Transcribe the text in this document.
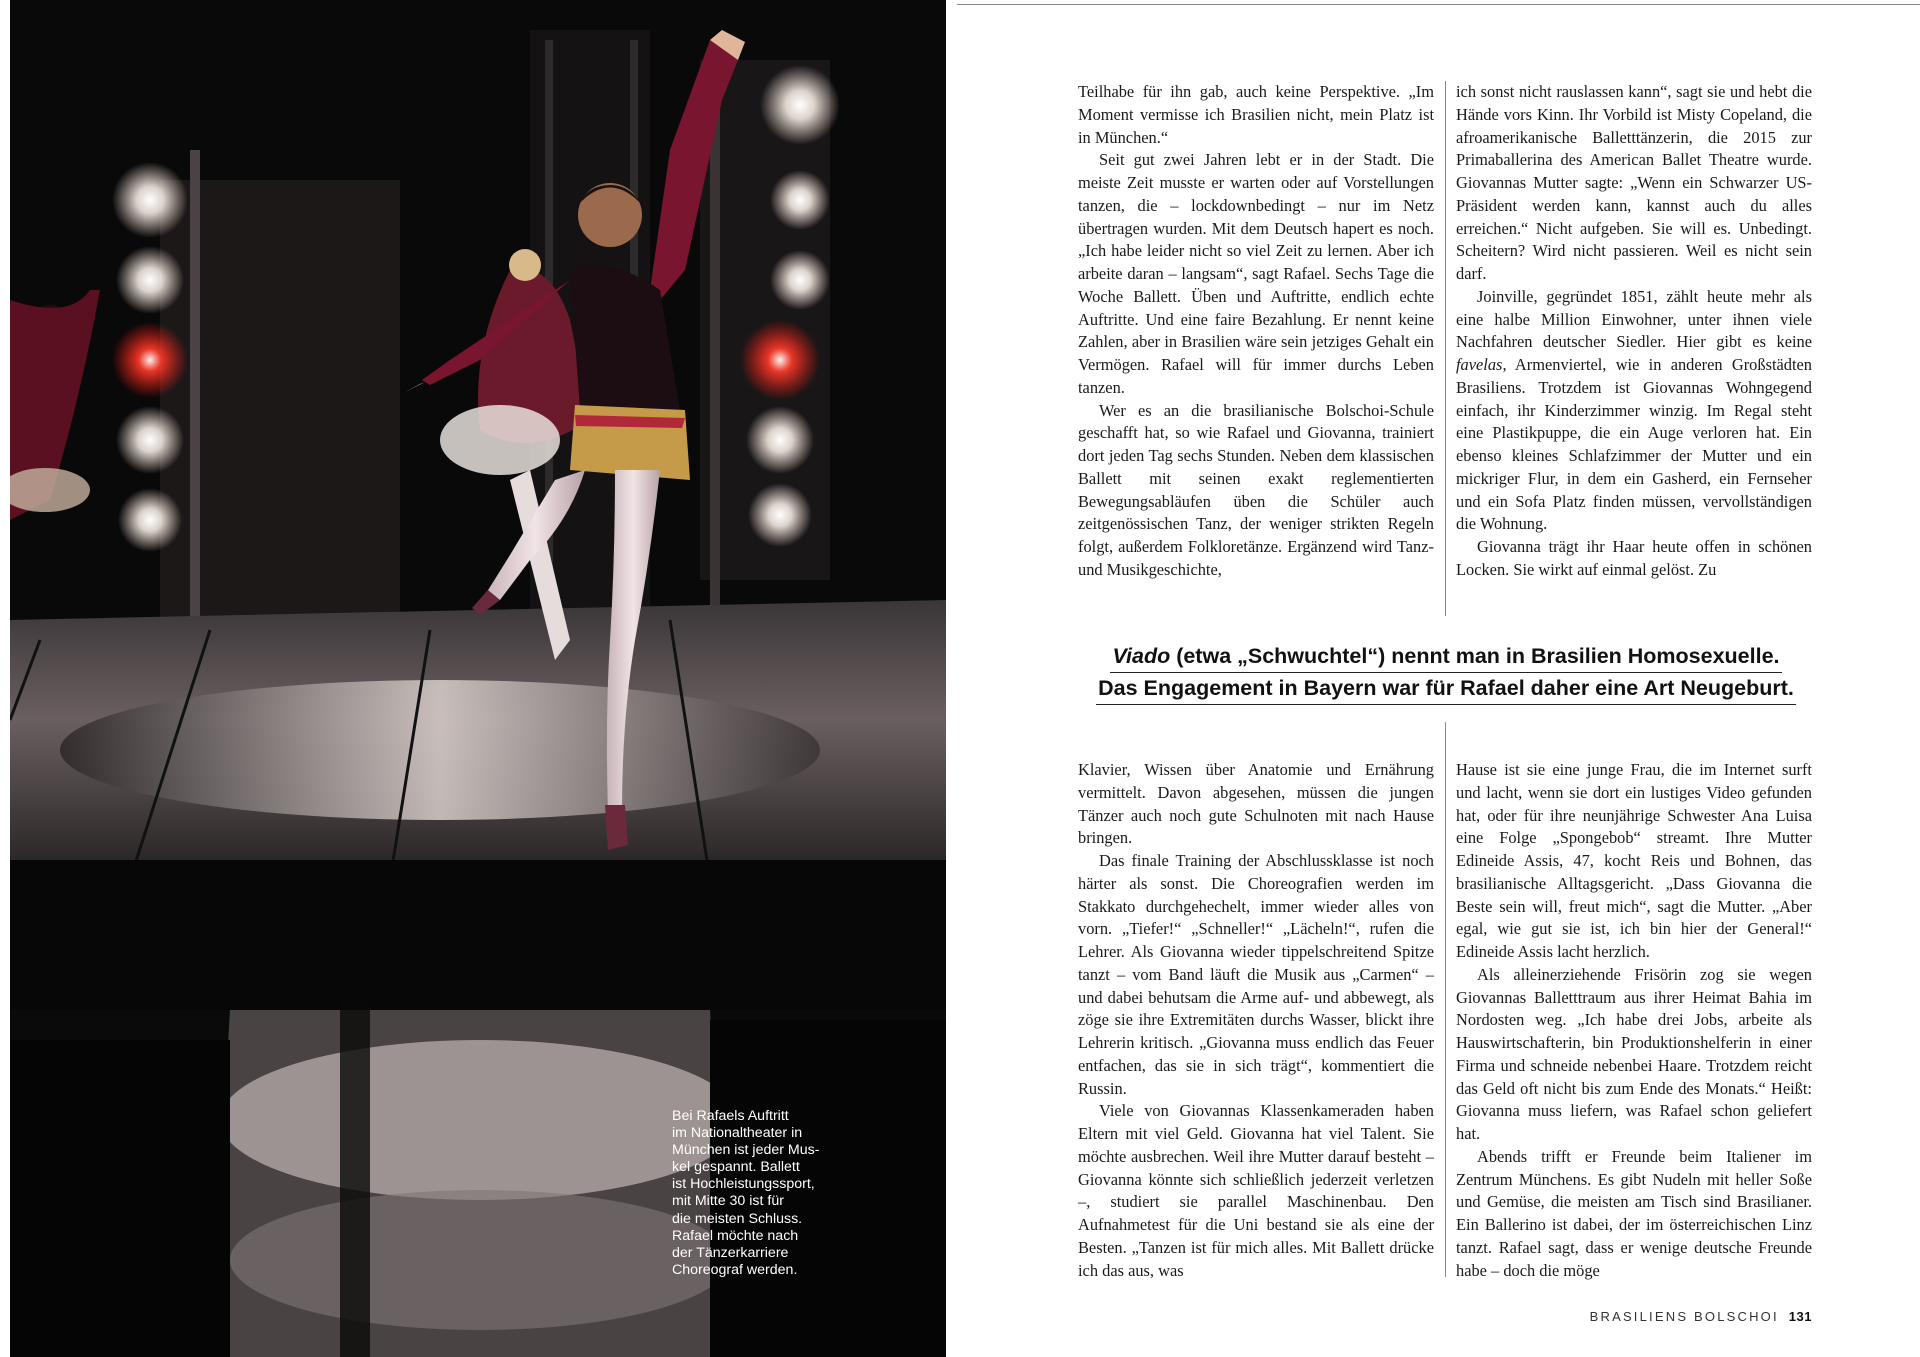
Bei Rafaels Auftritt
im Nationaltheater in
München ist jeder Mus-
kel gespannt. Ballett
ist Hochleistungssport,
mit Mitte 30 ist für
die meisten Schluss.
Rafael möchte nach
der Tänzerkarriere
Choreograf werden.

Teilhabe für ihn gab, auch keine Perspektive. „Im Moment vermisse ich Brasilien nicht, mein Platz ist in München.“

Seit gut zwei Jahren lebt er in der Stadt. Die meiste Zeit musste er warten oder auf Vorstellungen tanzen, die – lockdownbedingt – nur im Netz übertragen wurden. Mit dem Deutsch hapert es noch. „Ich habe leider nicht so viel Zeit zu lernen. Aber ich arbeite daran – langsam“, sagt Rafael. Sechs Tage die Woche Ballett. Üben und Auftritte, endlich echte Auftritte. Und eine faire Bezahlung. Er nennt keine Zahlen, aber in Brasilien wäre sein jetziges Gehalt ein Vermögen. Rafael will für immer durchs Leben tanzen.

Wer es an die brasilianische Bolschoi-Schule geschafft hat, so wie Rafael und Giovanna, trainiert dort jeden Tag sechs Stunden. Neben dem klassischen Ballett mit seinen exakt reglementierten Bewegungsabläufen üben die Schüler auch zeitgenössischen Tanz, der weniger strikten Regeln folgt, außerdem Folkloretänze. Ergänzend wird Tanz- und Musikgeschichte,

ich sonst nicht rauslassen kann“, sagt sie und hebt die Hände vors Kinn. Ihr Vorbild ist Misty Copeland, die afroamerikanische Balletttänzerin, die 2015 zur Primaballerina des American Ballet Theatre wurde. Giovannas Mutter sagte: „Wenn ein Schwarzer US-Präsident werden kann, kannst auch du alles erreichen.“ Nicht aufgeben. Sie will es. Unbedingt. Scheitern? Wird nicht passieren. Weil es nicht sein darf.

Joinville, gegründet 1851, zählt heute mehr als eine halbe Million Einwohner, unter ihnen viele Nachfahren deutscher Siedler. Hier gibt es keine favelas, Armenviertel, wie in anderen Großstädten Brasiliens. Trotzdem ist Giovannas Wohngegend einfach, ihr Kinderzimmer winzig. Im Regal steht eine Plastikpuppe, die ein Auge verloren hat. Ein ebenso kleines Schlafzimmer der Mutter und ein mickriger Flur, in dem ein Gasherd, ein Fernseher und ein Sofa Platz finden müssen, vervollständigen die Wohnung.

Giovanna trägt ihr Haar heute offen in schönen Locken. Sie wirkt auf einmal gelöst. Zu

Viado (etwa „Schwuchtel“) nennt man in Brasilien Homosexuelle.
Das Engagement in Bayern war für Rafael daher eine Art Neugeburt.

Klavier, Wissen über Anatomie und Ernährung vermittelt. Davon abgesehen, müssen die jungen Tänzer auch noch gute Schulnoten mit nach Hause bringen.

Das finale Training der Abschlussklasse ist noch härter als sonst. Die Choreografien werden im Stakkato durchgehechelt, immer wieder alles von vorn. „Tiefer!“ „Schneller!“ „Lächeln!“, rufen die Lehrer. Als Giovanna wieder tippelschreitend Spitze tanzt – vom Band läuft die Musik aus „Carmen“ – und dabei behutsam die Arme auf- und abbewegt, als zöge sie ihre Extremitäten durchs Wasser, blickt ihre Lehrerin kritisch. „Giovanna muss endlich das Feuer entfachen, das sie in sich trägt“, kommentiert die Russin.

Viele von Giovannas Klassenkameraden haben Eltern mit viel Geld. Giovanna hat viel Talent. Sie möchte ausbrechen. Weil ihre Mutter darauf besteht – Giovanna könnte sich schließlich jederzeit verletzen –, studiert sie parallel Maschinenbau. Den Aufnahmetest für die Uni bestand sie als eine der Besten. „Tanzen ist für mich alles. Mit Ballett drücke ich das aus, was

Hause ist sie eine junge Frau, die im Internet surft und lacht, wenn sie dort ein lustiges Video gefunden hat, oder für ihre neunjährige Schwester Ana Luisa eine Folge „Spongebob“ streamt. Ihre Mutter Edineide Assis, 47, kocht Reis und Bohnen, das brasilianische Alltagsgericht. „Dass Giovanna die Beste sein will, freut mich“, sagt die Mutter. „Aber egal, wie gut sie ist, ich bin hier der General!“ Edineide Assis lacht herzlich.

Als alleinerziehende Frisörin zog sie wegen Giovannas Balletttraum aus ihrer Heimat Bahia im Nordosten weg. „Ich habe drei Jobs, arbeite als Hauswirtschafterin, bin Produktionshelferin in einer Firma und schneide nebenbei Haare. Trotzdem reicht das Geld oft nicht bis zum Ende des Monats.“ Heißt: Giovanna muss liefern, was Rafael schon geliefert hat.

Abends trifft er Freunde beim Italiener im Zentrum Münchens. Es gibt Nudeln mit heller Soße und Gemüse, die meisten am Tisch sind Brasilianer. Ein Ballerino ist dabei, der im österreichischen Linz tanzt. Rafael sagt, dass er wenige deutsche Freunde habe – doch die möge

BRASILIENS BOLSCHOI 131
